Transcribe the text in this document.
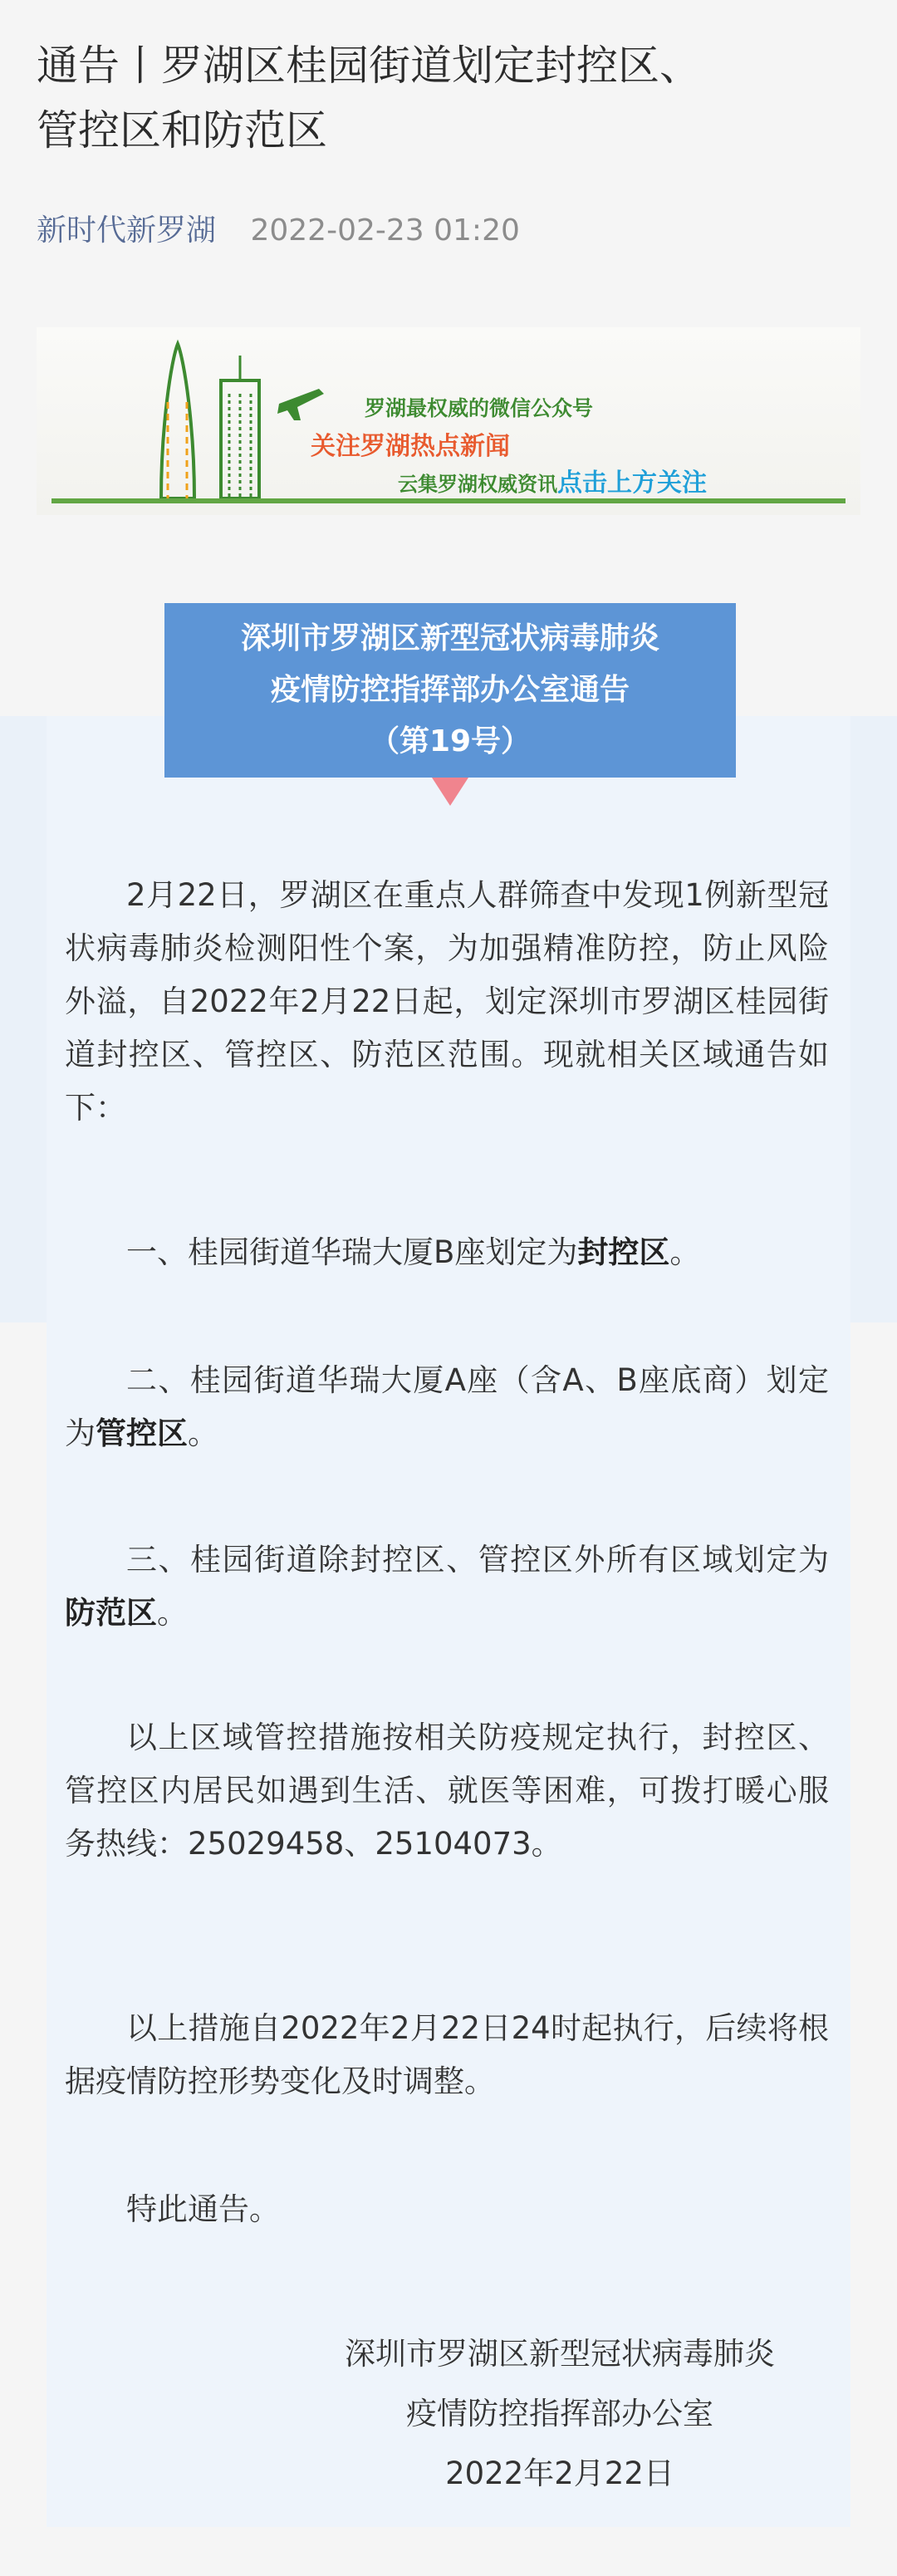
通告丨罗湖区桂园街道划定封控区、
管控区和防范区
新时代新罗湖 2022-02-23 01:20
罗湖最权威的微信公众号
关注罗湖热点新闻
云集罗湖权威资讯点击上方关注
深圳市罗湖区新型冠状病毒肺炎
疫情防控指挥部办公室通告
（第19号）
2月22日，罗湖区在重点人群筛查中发现1例新型冠状病毒肺炎检测阳性个案，为加强精准防控，防止风险外溢，自2022年2月22日起，划定深圳市罗湖区桂园街道封控区、管控区、防范区范围。现就相关区域通告如下：
一、桂园街道华瑞大厦B座划定为封控区。
二、桂园街道华瑞大厦A座（含A、B座底商）划定为管控区。
三、桂园街道除封控区、管控区外所有区域划定为防范区。
以上区域管控措施按相关防疫规定执行，封控区、管控区内居民如遇到生活、就医等困难，可拨打暖心服务热线：25029458、25104073。
以上措施自2022年2月22日24时起执行，后续将根据疫情防控形势变化及时调整。
特此通告。
深圳市罗湖区新型冠状病毒肺炎
疫情防控指挥部办公室
2022年2月22日
